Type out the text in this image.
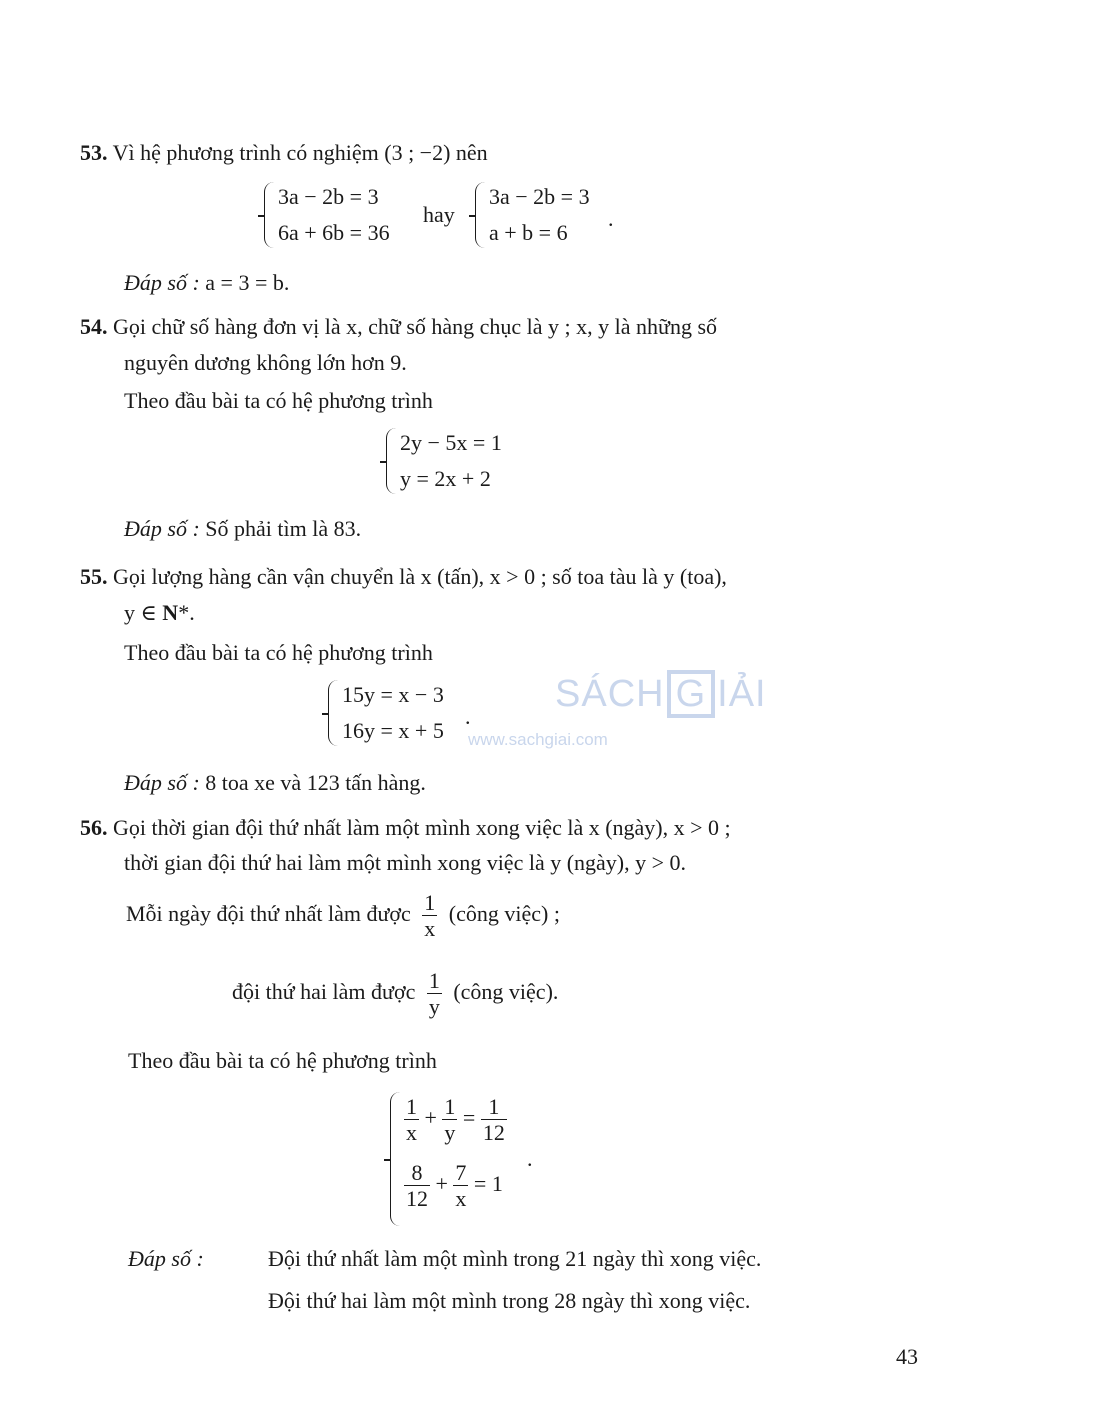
SÁCH G IẢI
www.sachgiai.com
53. Vì hệ phương trình có nghiệm (3 ; −2) nên
3a − 2b = 3
6a + 6b = 36
hay
3a − 2b = 3
a + b = 6
.
Đáp số : a = 3 = b.
54. Gọi chữ số hàng đơn vị là x, chữ số hàng chục là y ; x, y là những số
nguyên dương không lớn hơn 9.
Theo đầu bài ta có hệ phương trình
2y − 5x = 1
y = 2x + 2
Đáp số : Số phải tìm là 83.
55. Gọi lượng hàng cần vận chuyển là x (tấn), x > 0 ; số toa tàu là y (toa),
y ∈ N*.
Theo đầu bài ta có hệ phương trình
15y = x − 3
16y = x + 5
.
Đáp số : 8 toa xe và 123 tấn hàng.
56. Gọi thời gian đội thứ nhất làm một mình xong việc là x (ngày), x > 0 ;
thời gian đội thứ hai làm một mình xong việc là y (ngày), y > 0.
Mỗi ngày đội thứ nhất làm được $\frac{1}{x}$ (công việc) ;
đội thứ hai làm được $\frac{1}{y}$ (công việc).
Theo đầu bài ta có hệ phương trình
$\frac{1}{x} + \frac{1}{y} = \frac{1}{12}$
$\frac{8}{12} + \frac{7}{x} = 1$
.
Đáp số :	Đội thứ nhất làm một mình trong 21 ngày thì xong việc.
Đội thứ hai làm một mình trong 28 ngày thì xong việc.
43
